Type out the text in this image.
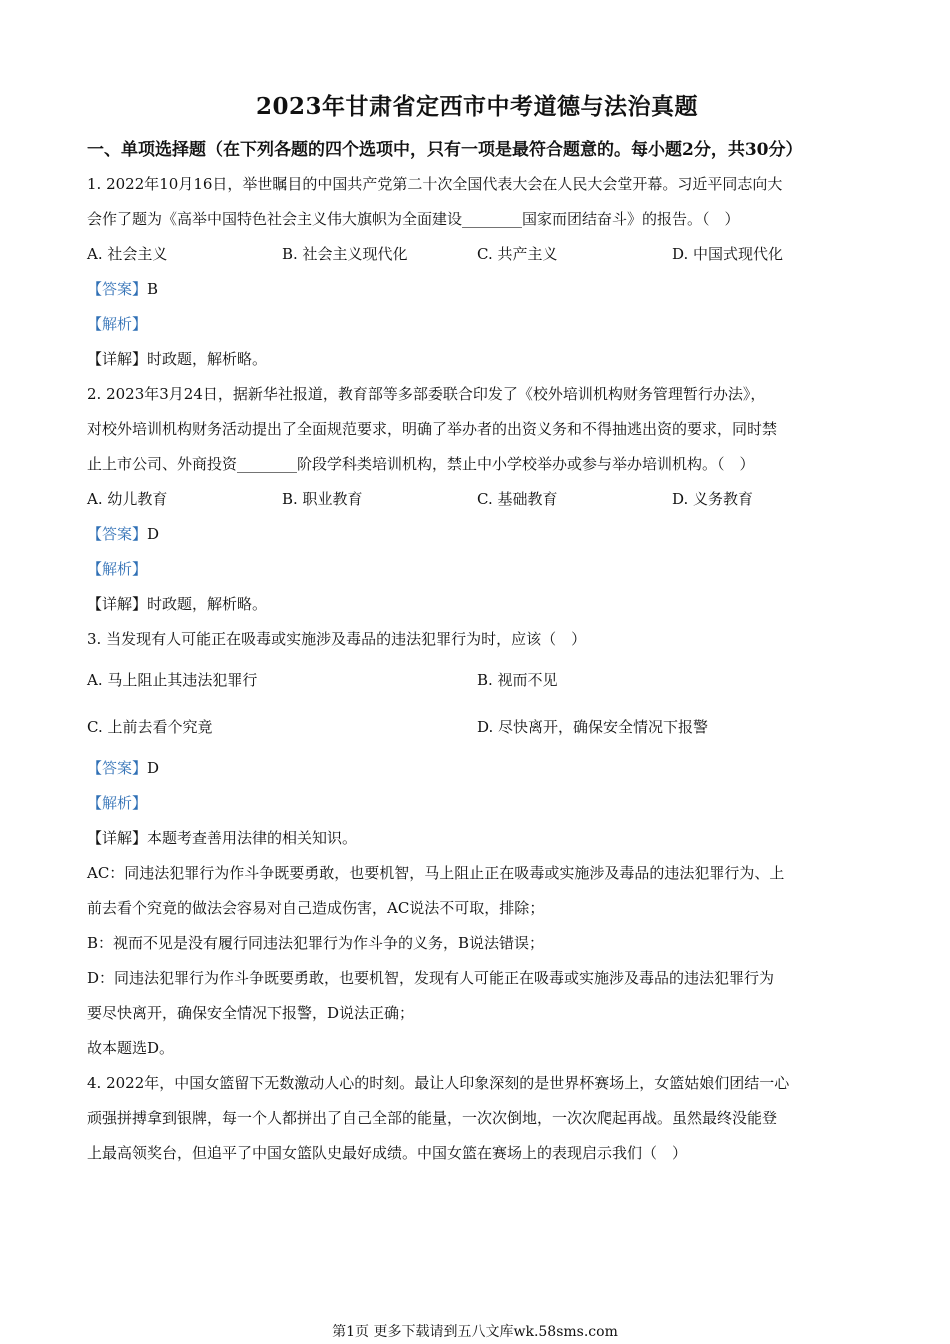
2023年甘肃省定西市中考道德与法治真题
一、单项选择题（在下列各题的四个选项中，只有一项是最符合题意的。每小题2分，共30分）

1. 2022年10月16日，举世瞩目的中国共产党第二十次全国代表大会在人民大会堂开幕。习近平同志向大

会作了题为《高举中国特色社会主义伟大旗帜为全面建设________国家而团结奋斗》的报告。（　）

A. 社会主义	B. 社会主义现代化	C. 共产主义	D. 中国式现代化

【答案】B

【解析】

【详解】时政题，解析略。

2. 2023年3月24日，据新华社报道，教育部等多部委联合印发了《校外培训机构财务管理暂行办法》，

对校外培训机构财务活动提出了全面规范要求，明确了举办者的出资义务和不得抽逃出资的要求，同时禁

止上市公司、外商投资________阶段学科类培训机构，禁止中小学校举办或参与举办培训机构。（　）

A. 幼儿教育	B. 职业教育	C. 基础教育	D. 义务教育

【答案】D

【解析】

【详解】时政题，解析略。

3. 当发现有人可能正在吸毒或实施涉及毒品的违法犯罪行为时，应该（　）

A. 马上阻止其违法犯罪行	B. 视而不见
C. 上前去看个究竟	D. 尽快离开，确保安全情况下报警

【答案】D

【解析】

【详解】本题考查善用法律的相关知识。

AC：同违法犯罪行为作斗争既要勇敢，也要机智，马上阻止正在吸毒或实施涉及毒品的违法犯罪行为、上

前去看个究竟的做法会容易对自己造成伤害，AC说法不可取，排除；

B：视而不见是没有履行同违法犯罪行为作斗争的义务，B说法错误；

D：同违法犯罪行为作斗争既要勇敢，也要机智，发现有人可能正在吸毒或实施涉及毒品的违法犯罪行为

要尽快离开，确保安全情况下报警，D说法正确；

故本题选D。

4. 2022年，中国女篮留下无数激动人心的时刻。最让人印象深刻的是世界杯赛场上，女篮姑娘们团结一心

顽强拼搏拿到银牌，每一个人都拼出了自己全部的能量，一次次倒地，一次次爬起再战。虽然最终没能登

上最高领奖台，但追平了中国女篮队史最好成绩。中国女篮在赛场上的表现启示我们（　）

第1页 更多下载请到五八文库wk.58sms.com
